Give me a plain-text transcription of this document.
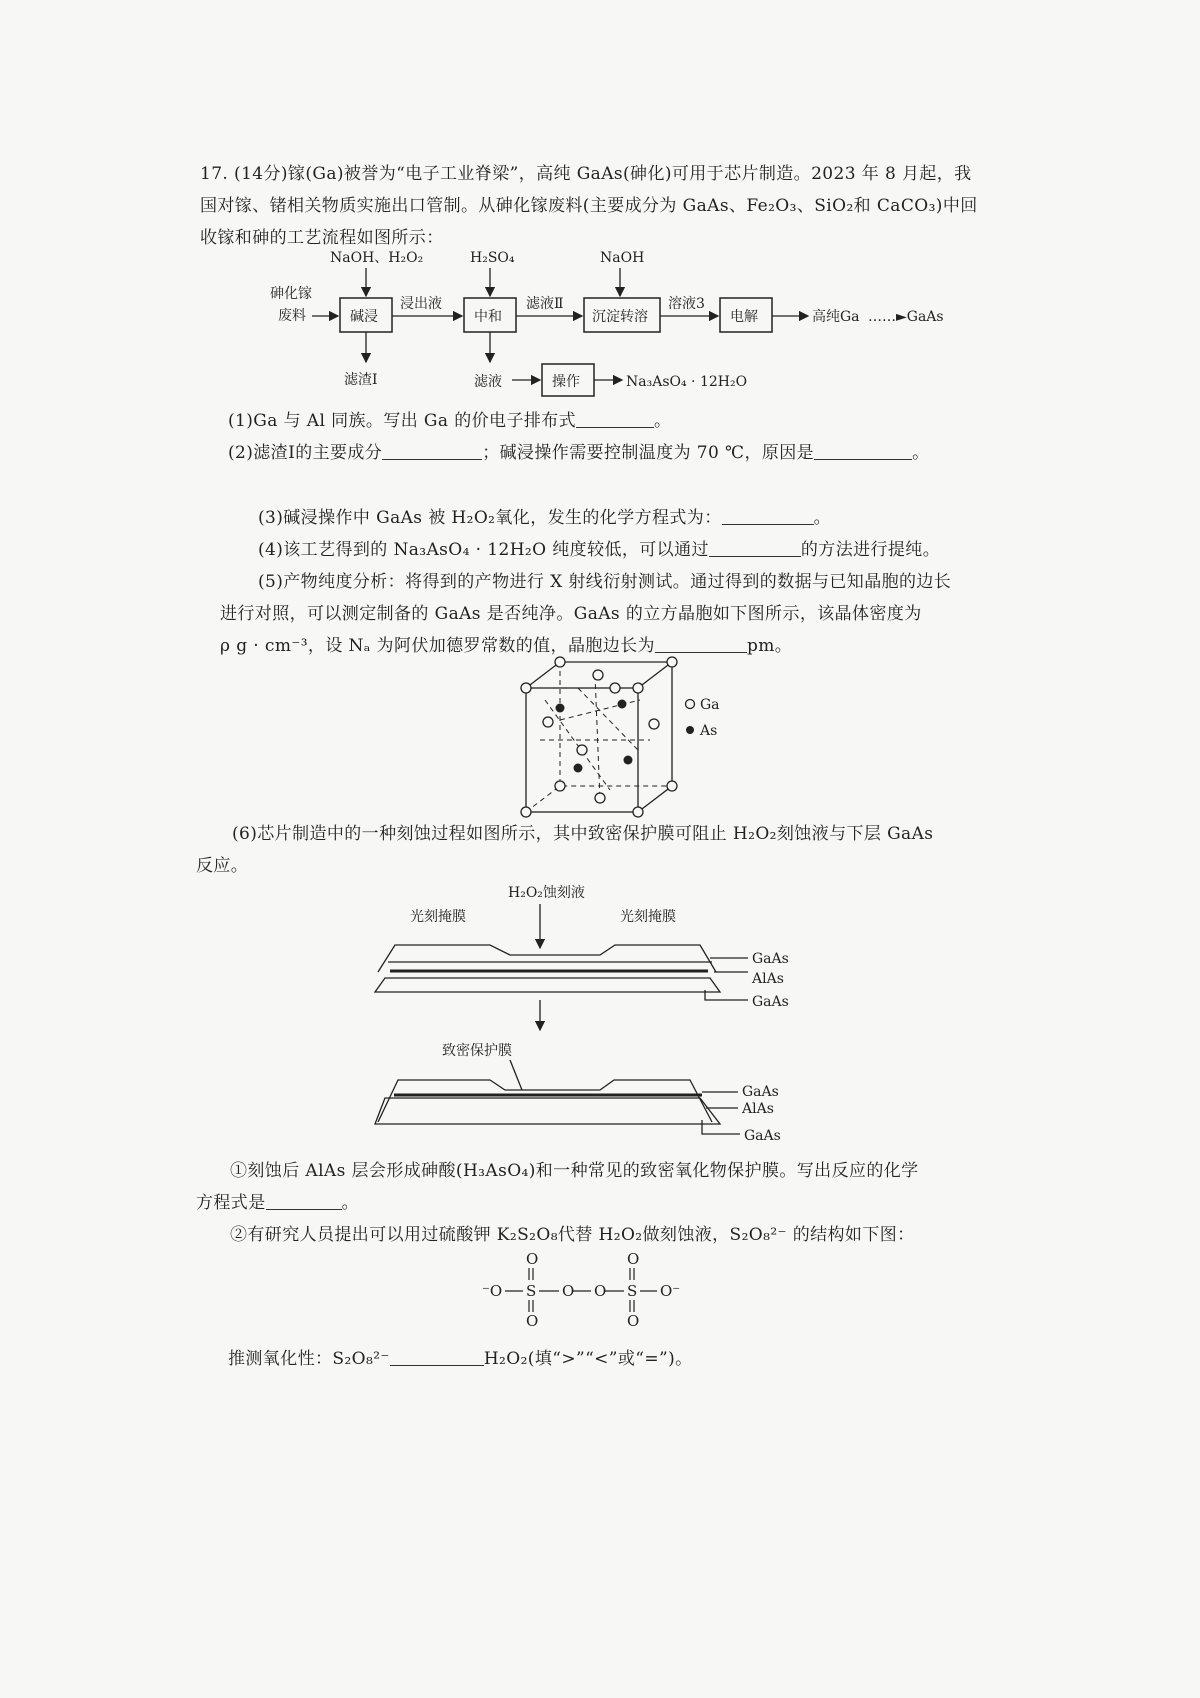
17. (14分)镓(Ga)被誉为“电子工业脊梁”，高纯 GaAs(砷化)可用于芯片制造。2023 年 8 月起，我
国对镓、锗相关物质实施出口管制。从砷化镓废料(主要成分为 GaAs、Fe₂O₃、SiO₂和 CaCO₃)中回
收镓和砷的工艺流程如图所示：
砷化镓
废料
NaOH、H₂O₂
碱浸
滤渣Ⅰ
浸出液
H₂SO₄
中和
滤液	操作	Na₃AsO₄ · 12H₂O
滤液Ⅱ
NaOH
沉淀转溶
溶液3
电解	高纯Ga ……►GaAs
(1)Ga 与 Al 同族。写出 Ga 的价电子排布式	。
(2)滤渣Ⅰ的主要成分	；碱浸操作需要控制温度为 70 ℃，原因是	。
(3)碱浸操作中 GaAs 被 H₂O₂氧化，发生的化学方程式为：	。
(4)该工艺得到的 Na₃AsO₄ · 12H₂O 纯度较低，可以通过	的方法进行提纯。
(5)产物纯度分析：将得到的产物进行 X 射线衍射测试。通过得到的数据与已知晶胞的边长
进行对照，可以测定制备的 GaAs 是否纯净。GaAs 的立方晶胞如下图所示，该晶体密度为
ρ g · cm⁻³，设 Nₐ 为阿伏加德罗常数的值，晶胞边长为	pm。
Ga
As
(6)芯片制造中的一种刻蚀过程如图所示，其中致密保护膜可阻止 H₂O₂刻蚀液与下层 GaAs
反应。
H₂O₂蚀刻液
光刻掩膜	光刻掩膜
GaAs
AlAs
GaAs
致密保护膜
GaAs
AlAs
GaAs
①刻蚀后 AlAs 层会形成砷酸(H₃AsO₄)和一种常见的致密氧化物保护膜。写出反应的化学
方程式是	。
②有研究人员提出可以用过硫酸钾 K₂S₂O₈代替 H₂O₂做刻蚀液，S₂O₈²⁻ 的结构如下图：
O
O
O
O
⁻O S O O S O⁻
推测氧化性：S₂O₈²⁻	H₂O₂(填“>”“<”或“=”)。
